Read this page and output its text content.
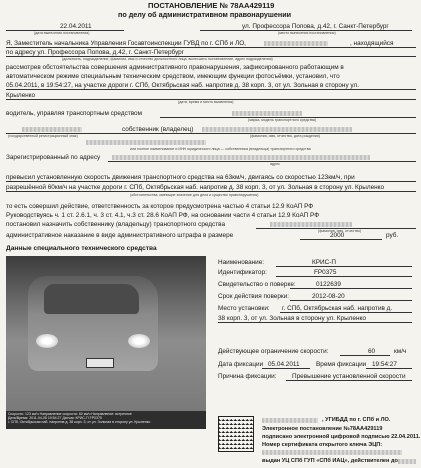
ПОСТАНОВЛЕНИЕ № 78АА429119
по делу об административном правонарушении
22.04.2011
(дата вынесения постановления)
ул. Профессора Попова, д.42, г. Санкт-Петербург
(место вынесения постановления)
Я, Заместитель начальника Управления Госавтоинспекции ГУВД по г. СПб и ЛО,	, находящийся
по адресу ул. Профессора Попова, д.42, г. Санкт-Петербург
(должность, подразделение, фамилия, имя и отчество должностного лица, вынесшего постановление, адрес подразделения)
рассмотрев обстоятельства совершения административного правонарушения, зафиксированного работающим в
автоматическом режиме специальным техническим средством, имеющим функции фотосъёмки, установил, что
05.04.2011, в 19:54:27, на участке дороги г. СПб, Октябрьская наб. напротив д. 38 корп. 3, от ул. Зольная в сторону ул.
Крыленко
(дата, время и место выявления)
водитель, управляя транспортным средством
(марка, модель транспортного средства)
собственник (владелец)
(государственный регистрационный знак)	(фамилия, имя, отчество, дата рождения)
или полное наименование и ИНН юридического лица — собственника (владельца) транспортного средства
Зарегистрированный по адресу
адрес
превысил установленную скорость движения транспортного средства на 63км/ч, двигаясь со скоростью 123км/ч, при
разрешённой 60км/ч на участке дороги г. СПб, Октябрьская наб. напротив д. 38 корп. 3, от ул. Зольная в сторону ул. Крыленко
(обстоятельства, имеющие значение для дела и существо правонарушения)
то есть совершил действие, ответственность за которое предусмотрена частью 4 статьи 12.9 КоАП РФ
Руководствуясь ч. 1 ст. 2.6.1, ч. 3 ст. 4.1, ч.3 ст. 28.6 КоАП РФ, на основании части 4 статьи 12.9 КоАП РФ
постановил назначить собственнику (владельцу) транспортного средства
(фамилия, имя, отчество)
административное наказание в виде административного штрафа в размере	2000	руб.
Данные специального технического средства
Скорость: 123 км/ч Направление скорости: 60 км/ч Направление: встречное
Дата/Время: 2011-04-05 19:54:27 Датчик: КРИС-П FP0375
г. СПб, Октябрьская наб. напротив д. 38 корп. 3, от ул. Зольная в сторону ул. Крыленко
Наименование:	КРИС-П
Идентификатор:	FP0375
Свидетельство о поверке:	0122639
Срок действия поверки:	2012-08-20
Место установки: г. СПб, Октябрьская наб. напротив д.
38 корп. 3, от ул. Зольная в сторону ул. Крыленко
Действующее ограничение скорости:	60	км/ч
Дата фиксации 05.04.2011	Время фиксации 19:54:27
Причина фиксации: Превышение установленной скорости
, УГИБДД по г. СПб и ЛО.
Электронное постановление №78АА429119
подписано электронной цифровой подписью 22.04.2011.
Номер сертификата открытого ключа ЭЦП:
выдан УЦ СПб ГУП «СПб ИАЦ», действителен до
